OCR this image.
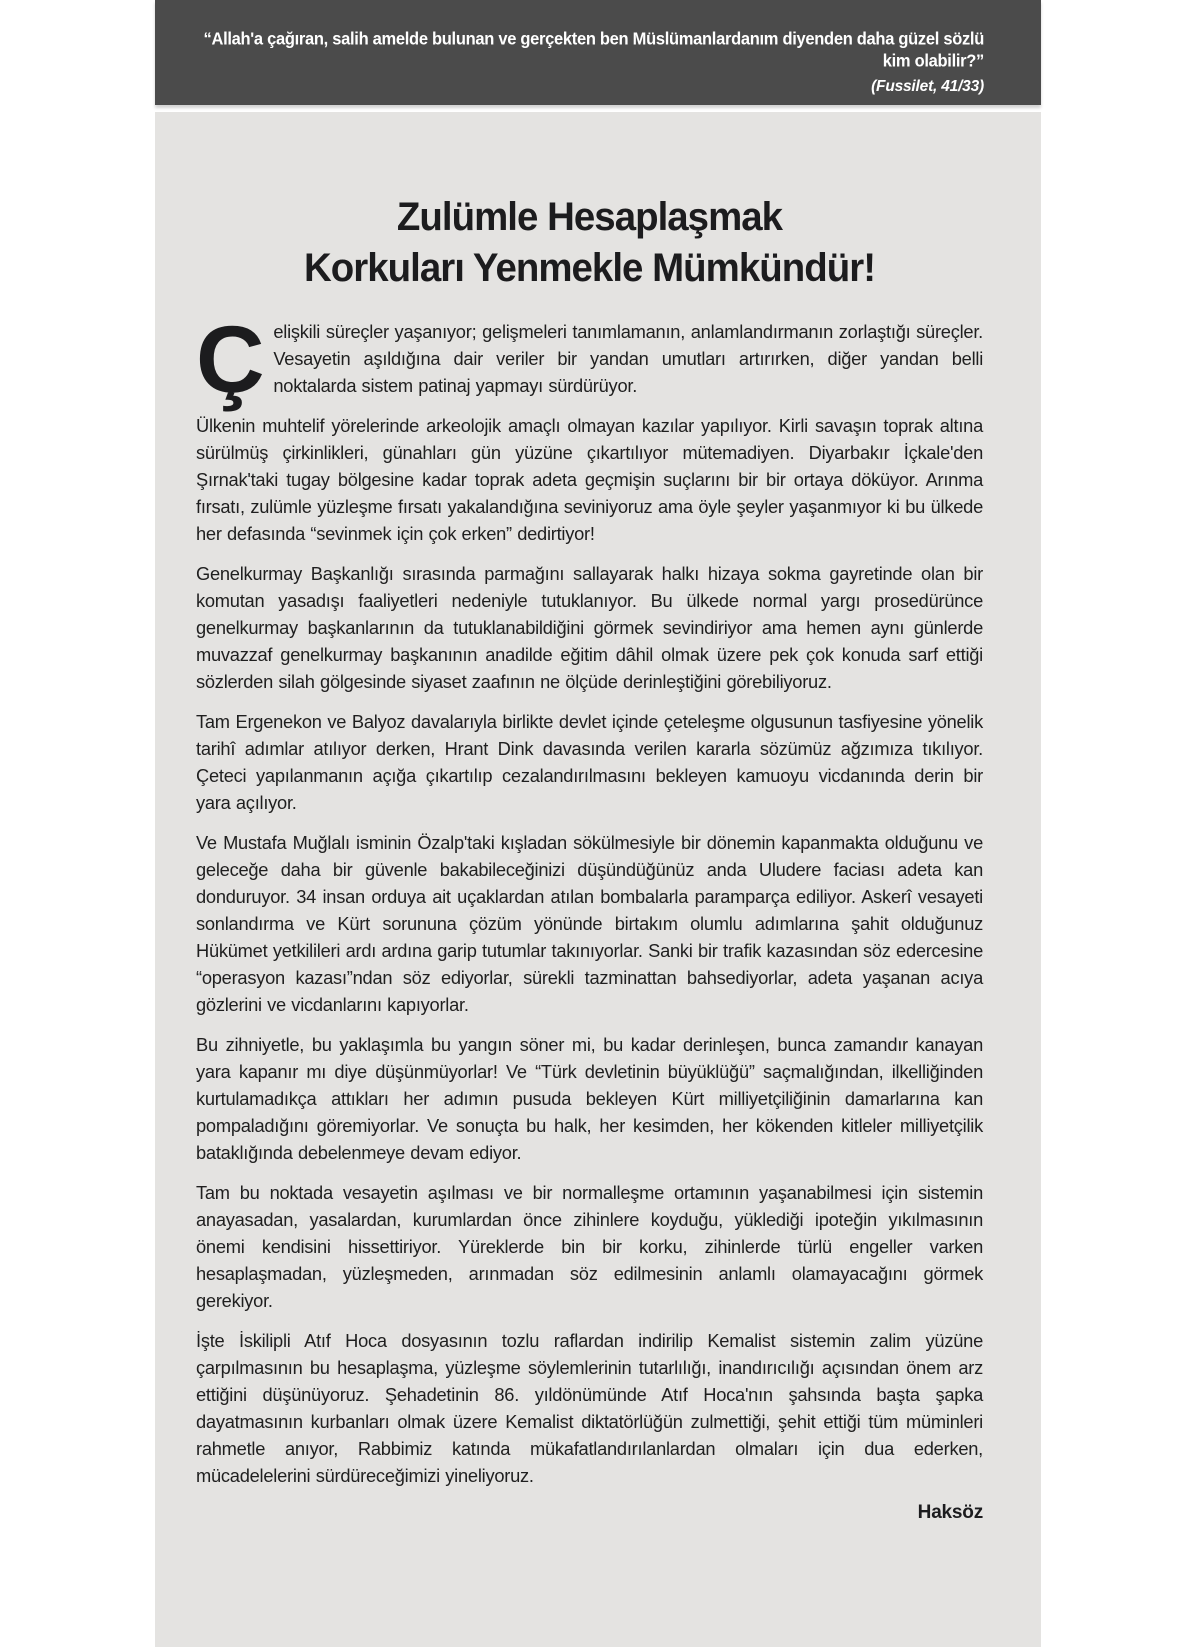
“Allah'a çağıran, salih amelde bulunan ve gerçekten ben Müslümanlardanım diyenden daha güzel sözlü kim olabilir?”
(Fussilet, 41/33)
Zulümle Hesaplaşmak
Korkuları Yenmekle Mümkündür!

Çelişkili süreçler yaşanıyor; gelişmeleri tanımlamanın, anlamlandırmanın zorlaştığı süreçler. Vesayetin aşıldığına dair veriler bir yandan umutları artırırken, diğer yandan belli noktalarda sistem patinaj yapmayı sürdürüyor.

Ülkenin muhtelif yörelerinde arkeolojik amaçlı olmayan kazılar yapılıyor. Kirli savaşın toprak altına sürülmüş çirkinlikleri, günahları gün yüzüne çıkartılıyor mütemadiyen. Diyarbakır İçkale'den Şırnak'taki tugay bölgesine kadar toprak adeta geçmişin suçlarını bir bir ortaya döküyor. Arınma fırsatı, zulümle yüzleşme fırsatı yakalandığına seviniyoruz ama öyle şeyler yaşanmıyor ki bu ülkede her defasında “sevinmek için çok erken” dedirtiyor!

Genelkurmay Başkanlığı sırasında parmağını sallayarak halkı hizaya sokma gayretinde olan bir komutan yasadışı faaliyetleri nedeniyle tutuklanıyor. Bu ülkede normal yargı prosedürünce genelkurmay başkanlarının da tutuklanabildiğini görmek sevindiriyor ama hemen aynı günlerde muvazzaf genelkurmay başkanının anadilde eğitim dâhil olmak üzere pek çok konuda sarf ettiği sözlerden silah gölgesinde siyaset zaafının ne ölçüde derinleştiğini görebiliyoruz.

Tam Ergenekon ve Balyoz davalarıyla birlikte devlet içinde çeteleşme olgusunun tasfiyesine yönelik tarihî adımlar atılıyor derken, Hrant Dink davasında verilen kararla sözümüz ağzımıza tıkılıyor. Çeteci yapılanmanın açığa çıkartılıp cezalandırılmasını bekleyen kamuoyu vicdanında derin bir yara açılıyor.

Ve Mustafa Muğlalı isminin Özalp'taki kışladan sökülmesiyle bir dönemin kapanmakta olduğunu ve geleceğe daha bir güvenle bakabileceğinizi düşündüğünüz anda Uludere faciası adeta kan donduruyor. 34 insan orduya ait uçaklardan atılan bombalarla paramparça ediliyor. Askerî vesayeti sonlandırma ve Kürt sorununa çözüm yönünde birtakım olumlu adımlarına şahit olduğunuz Hükümet yetkilileri ardı ardına garip tutumlar takınıyorlar. Sanki bir trafik kazasından söz edercesine “operasyon kazası”ndan söz ediyorlar, sürekli tazminattan bahsediyorlar, adeta yaşanan acıya gözlerini ve vicdanlarını kapıyorlar.

Bu zihniyetle, bu yaklaşımla bu yangın söner mi, bu kadar derinleşen, bunca zamandır kanayan yara kapanır mı diye düşünmüyorlar! Ve “Türk devletinin büyüklüğü” saçmalığından, ilkelliğinden kurtulamadıkça attıkları her adımın pusuda bekleyen Kürt milliyetçiliğinin damarlarına kan pompaladığını göremiyorlar. Ve sonuçta bu halk, her kesimden, her kökenden kitleler milliyetçilik bataklığında debelenmeye devam ediyor.

Tam bu noktada vesayetin aşılması ve bir normalleşme ortamının yaşanabilmesi için sistemin anayasadan, yasalardan, kurumlardan önce zihinlere koyduğu, yüklediği ipoteğin yıkılmasının önemi kendisini hissettiriyor. Yüreklerde bin bir korku, zihinlerde türlü engeller varken hesaplaşmadan, yüzleşmeden, arınmadan söz edilmesinin anlamlı olamayacağını görmek gerekiyor.

İşte İskilipli Atıf Hoca dosyasının tozlu raflardan indirilip Kemalist sistemin zalim yüzüne çarpılmasının bu hesaplaşma, yüzleşme söylemlerinin tutarlılığı, inandırıcılığı açısından önem arz ettiğini düşünüyoruz. Şehadetinin 86. yıldönümünde Atıf Hoca'nın şahsında başta şapka dayatmasının kurbanları olmak üzere Kemalist diktatörlüğün zulmettiği, şehit ettiği tüm müminleri rahmetle anıyor, Rabbimiz katında mükafatlandırılanlardan olmaları için dua ederken, mücadelelerini sürdüreceğimizi yineliyoruz.

Haksöz
